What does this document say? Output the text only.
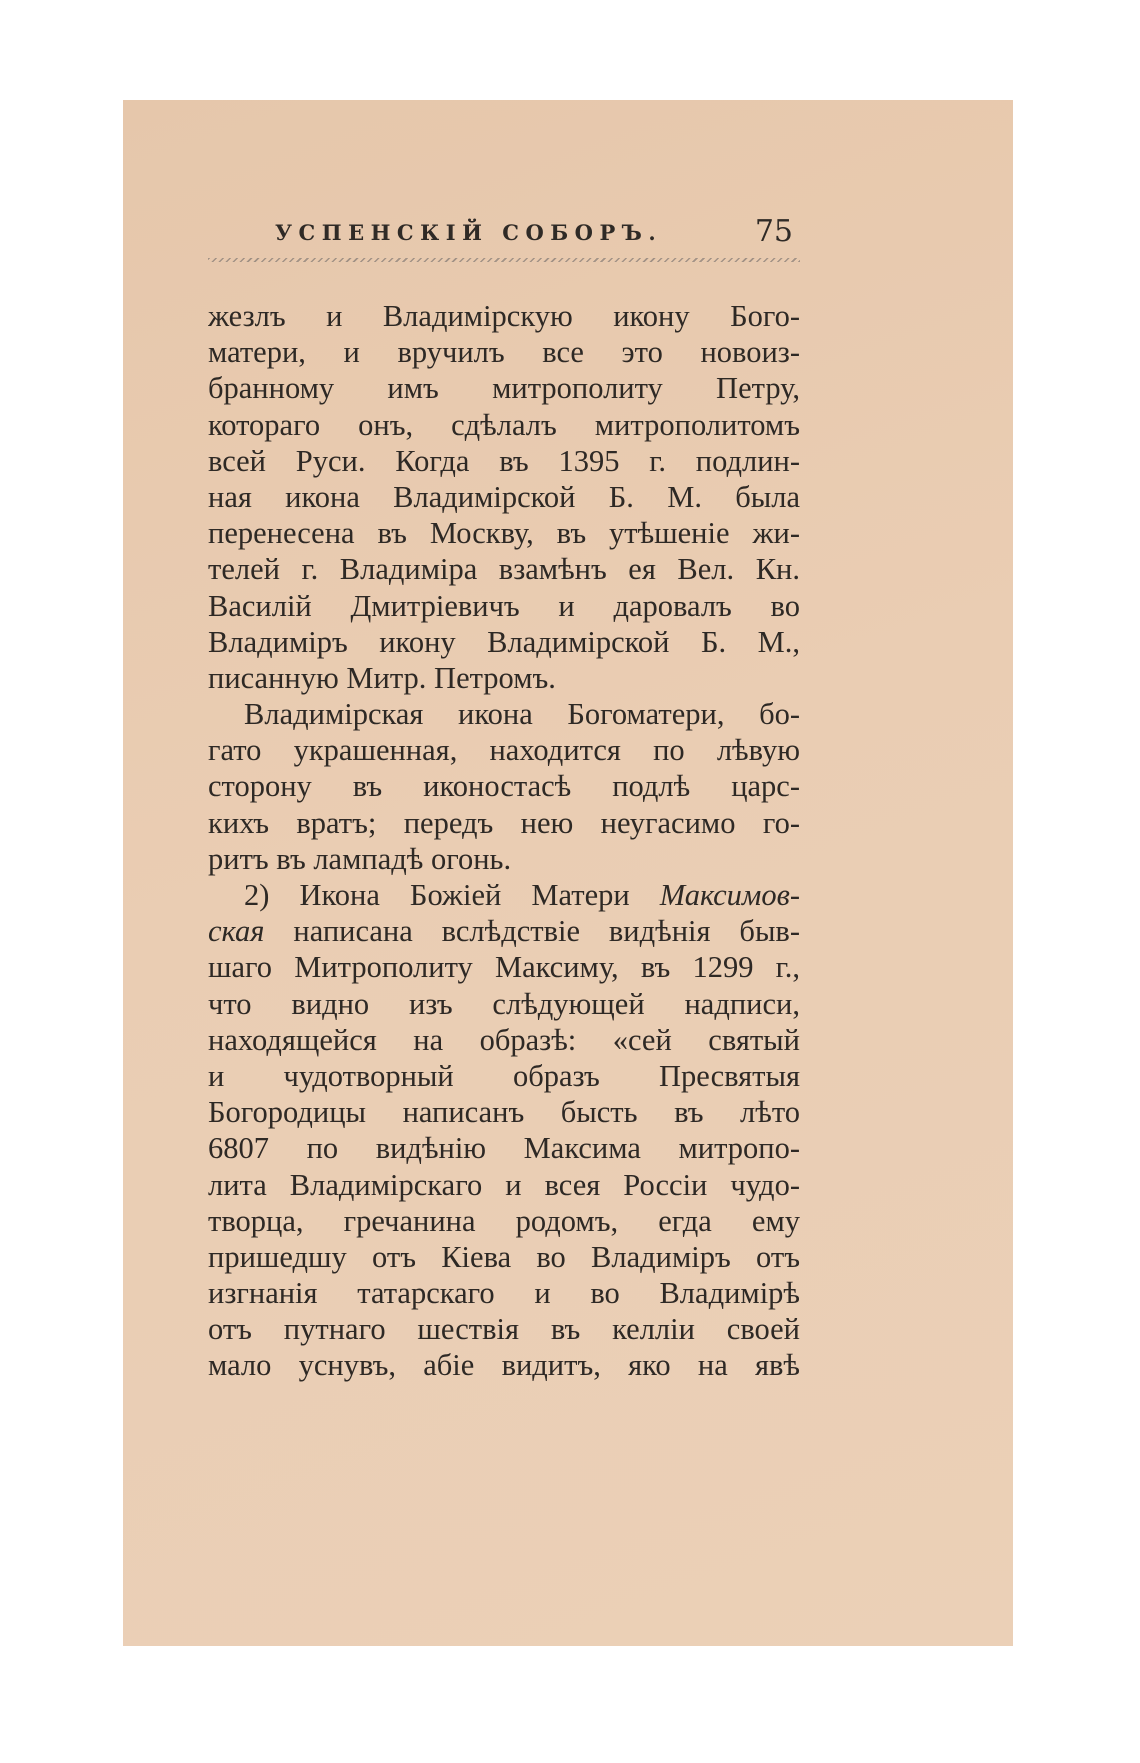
УСПЕНСКІЙ СОБОРЪ.	75
жезлъ и Владимірскую икону Бого-
матери, и вручилъ все это новоиз-
бранному имъ митрополиту Петру,
котораго онъ, сдѣлалъ митрополитомъ
всей Руси. Когда въ 1395 г. подлин-
ная икона Владимірской Б. М. была
перенесена въ Москву, въ утѣшеніе жи-
телей г. Владиміра взамѣнъ ея Вел. Кн.
Василій Дмитріевичъ и даровалъ во
Владиміръ икону Владимірской Б. М.,
писанную Митр. Петромъ.
Владимірская икона Богоматери, бо-
гато украшенная, находится по лѣвую
сторону въ иконостасѣ подлѣ царс-
кихъ вратъ; передъ нею неугасимо го-
ритъ въ лампадѣ огонь.
2) Икона Божіей Матери Максимов-
ская написана вслѣдствіе видѣнія быв-
шаго Митрополиту Максиму, въ 1299 г.,
что видно изъ слѣдующей надписи,
находящейся на образѣ: «сей святый
и чудотворный образъ Пресвятыя
Богородицы написанъ бысть въ лѣто
6807 по видѣнію Максима митропо-
лита Владимірскаго и всея Россіи чудо-
творца, гречанина родомъ, егда ему
пришедшу отъ Кіева во Владиміръ отъ
изгнанія татарскаго и во Владимірѣ
отъ путнаго шествія въ келліи своей
мало уснувъ, абіе видитъ, яко на явѣ
